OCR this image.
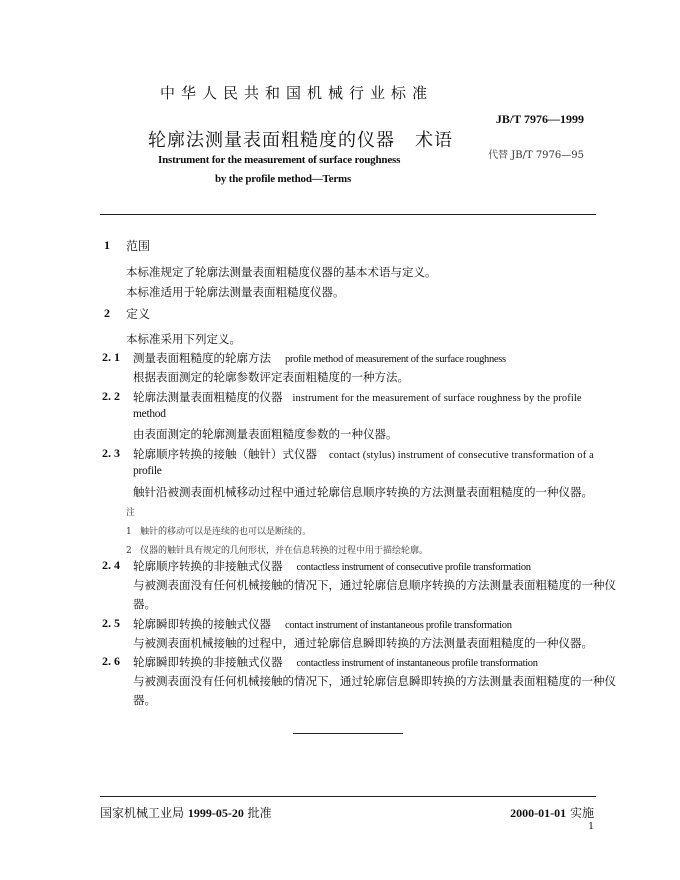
中华人民共和国机械行业标准
JB/T 7976—1999
代替 JB/T 7976—95
轮廓法测量表面粗糙度的仪器 术语
Instrument for the measurement of surface roughness
by the profile method—Terms
1 范围
本标准规定了轮廓法测量表面粗糙度仪器的基本术语与定义。
本标准适用于轮廓法测量表面粗糙度仪器。
2 定义
本标准采用下列定义。
2. 1 测量表面粗糙度的轮廓方法 profile method of measurement of the surface roughness
根据表面测定的轮廓参数评定表面粗糙度的一种方法。
2. 2 轮廓法测量表面粗糙度的仪器 instrument for the measurement of surface roughness by the profile
method
由表面测定的轮廓测量表面粗糙度参数的一种仪器。
2. 3 轮廓顺序转换的接触（触针）式仪器 contact (stylus) instrument of consecutive transformation of a
profile
触针沿被测表面机械移动过程中通过轮廓信息顺序转换的方法测量表面粗糙度的一种仪器。
注
1 触针的移动可以是连续的也可以是断续的。
2 仪器的触针具有规定的几何形状，并在信息转换的过程中用于描绘轮廓。
2. 4 轮廓顺序转换的非接触式仪器 contactless instrument of consecutive profile transformation
与被测表面没有任何机械接触的情况下，通过轮廓信息顺序转换的方法测量表面粗糙度的一种仪
器。
2. 5 轮廓瞬即转换的接触式仪器 contact instrument of instantaneous profile transformation
与被测表面机械接触的过程中，通过轮廓信息瞬即转换的方法测量表面粗糙度的一种仪器。
2. 6 轮廓瞬即转换的非接触式仪器 contactless instrument of instantaneous profile transformation
与被测表面没有任何机械接触的情况下，通过轮廓信息瞬即转换的方法测量表面粗糙度的一种仪
器。
国家机械工业局 1999-05-20 批准	2000-01-01 实施
1
